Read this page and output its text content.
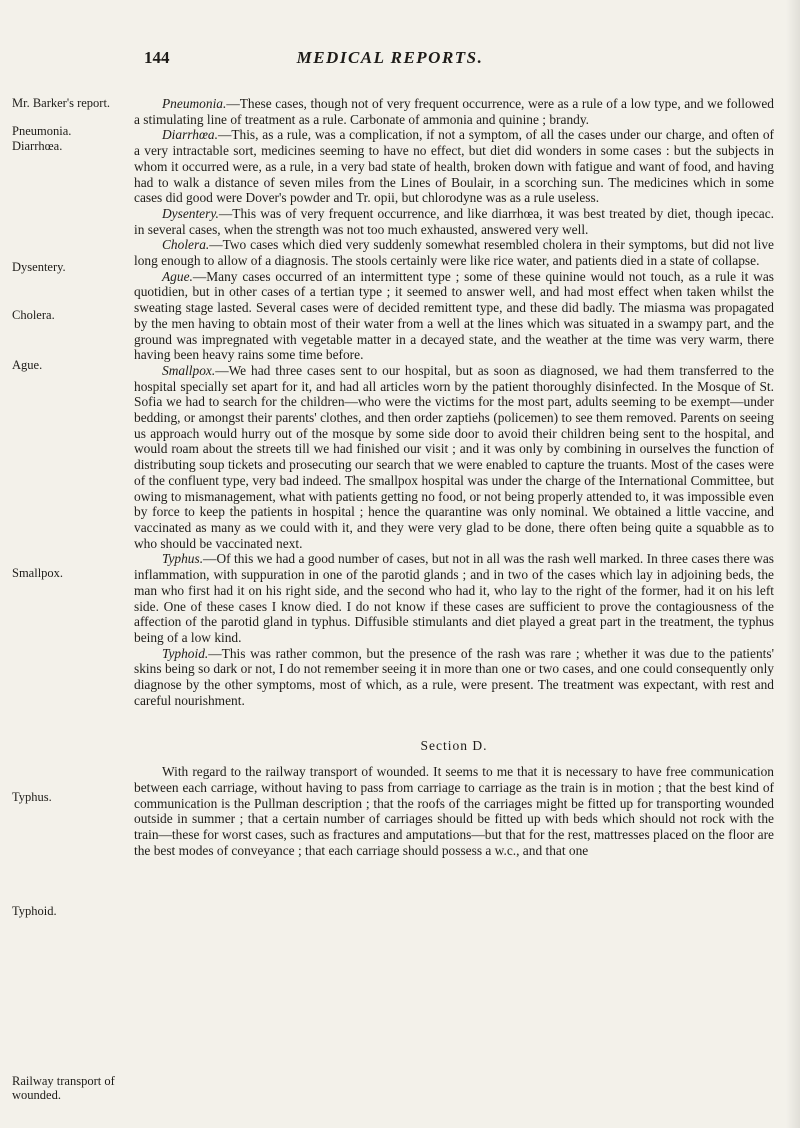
144	MEDICAL REPORTS.
Mr. Barker's report.
Pneumonia.
Diarrhœa.
Dysentery.
Cholera.
Ague.
Smallpox.
Typhus.
Typhoid.
Railway transport of wounded.

Pneumonia.—These cases, though not of very frequent occurrence, were as a rule of a low type, and we followed a stimulating line of treatment as a rule. Carbonate of ammonia and quinine ; brandy.

Diarrhœa.—This, as a rule, was a complication, if not a symptom, of all the cases under our charge, and often of a very intractable sort, medicines seeming to have no effect, but diet did wonders in some cases : but the subjects in whom it occurred were, as a rule, in a very bad state of health, broken down with fatigue and want of food, and having had to walk a distance of seven miles from the Lines of Boulair, in a scorching sun. The medicines which in some cases did good were Dover's powder and Tr. opii, but chlorodyne was as a rule useless.

Dysentery.—This was of very frequent occurrence, and like diarrhœa, it was best treated by diet, though ipecac. in several cases, when the strength was not too much exhausted, answered very well.

Cholera.—Two cases which died very suddenly somewhat resembled cholera in their symptoms, but did not live long enough to allow of a diagnosis. The stools certainly were like rice water, and patients died in a state of collapse.

Ague.—Many cases occurred of an intermittent type ; some of these quinine would not touch, as a rule it was quotidien, but in other cases of a tertian type ; it seemed to answer well, and had most effect when taken whilst the sweating stage lasted. Several cases were of decided remittent type, and these did badly. The miasma was propagated by the men having to obtain most of their water from a well at the lines which was situated in a swampy part, and the ground was impregnated with vegetable matter in a decayed state, and the weather at the time was very warm, there having been heavy rains some time before.

Smallpox.—We had three cases sent to our hospital, but as soon as diagnosed, we had them transferred to the hospital specially set apart for it, and had all articles worn by the patient thoroughly disinfected. In the Mosque of St. Sofia we had to search for the children—who were the victims for the most part, adults seeming to be exempt—under bedding, or amongst their parents' clothes, and then order zaptiehs (policemen) to see them removed. Parents on seeing us approach would hurry out of the mosque by some side door to avoid their children being sent to the hospital, and would roam about the streets till we had finished our visit ; and it was only by combining in ourselves the function of distributing soup tickets and prosecuting our search that we were enabled to capture the truants. Most of the cases were of the confluent type, very bad indeed. The smallpox hospital was under the charge of the International Committee, but owing to mismanagement, what with patients getting no food, or not being properly attended to, it was impossible even by force to keep the patients in hospital ; hence the quarantine was only nominal. We obtained a little vaccine, and vaccinated as many as we could with it, and they were very glad to be done, there often being quite a squabble as to who should be vaccinated next.

Typhus.—Of this we had a good number of cases, but not in all was the rash well marked. In three cases there was inflammation, with suppuration in one of the parotid glands ; and in two of the cases which lay in adjoining beds, the man who first had it on his right side, and the second who had it, who lay to the right of the former, had it on his left side. One of these cases I know died. I do not know if these cases are sufficient to prove the contagiousness of the affection of the parotid gland in typhus. Diffusible stimulants and diet played a great part in the treatment, the typhus being of a low kind.

Typhoid.—This was rather common, but the presence of the rash was rare ; whether it was due to the patients' skins being so dark or not, I do not remember seeing it in more than one or two cases, and one could consequently only diagnose by the other symptoms, most of which, as a rule, were present. The treatment was expectant, with rest and careful nourishment.

Section D.

With regard to the railway transport of wounded. It seems to me that it is necessary to have free communication between each carriage, without having to pass from carriage to carriage as the train is in motion ; that the best kind of communication is the Pullman description ; that the roofs of the carriages might be fitted up for transporting wounded outside in summer ; that a certain number of carriages should be fitted up with beds which should not rock with the train—these for worst cases, such as fractures and amputations—but that for the rest, mattresses placed on the floor are the best modes of conveyance ; that each carriage should possess a w.c., and that one
